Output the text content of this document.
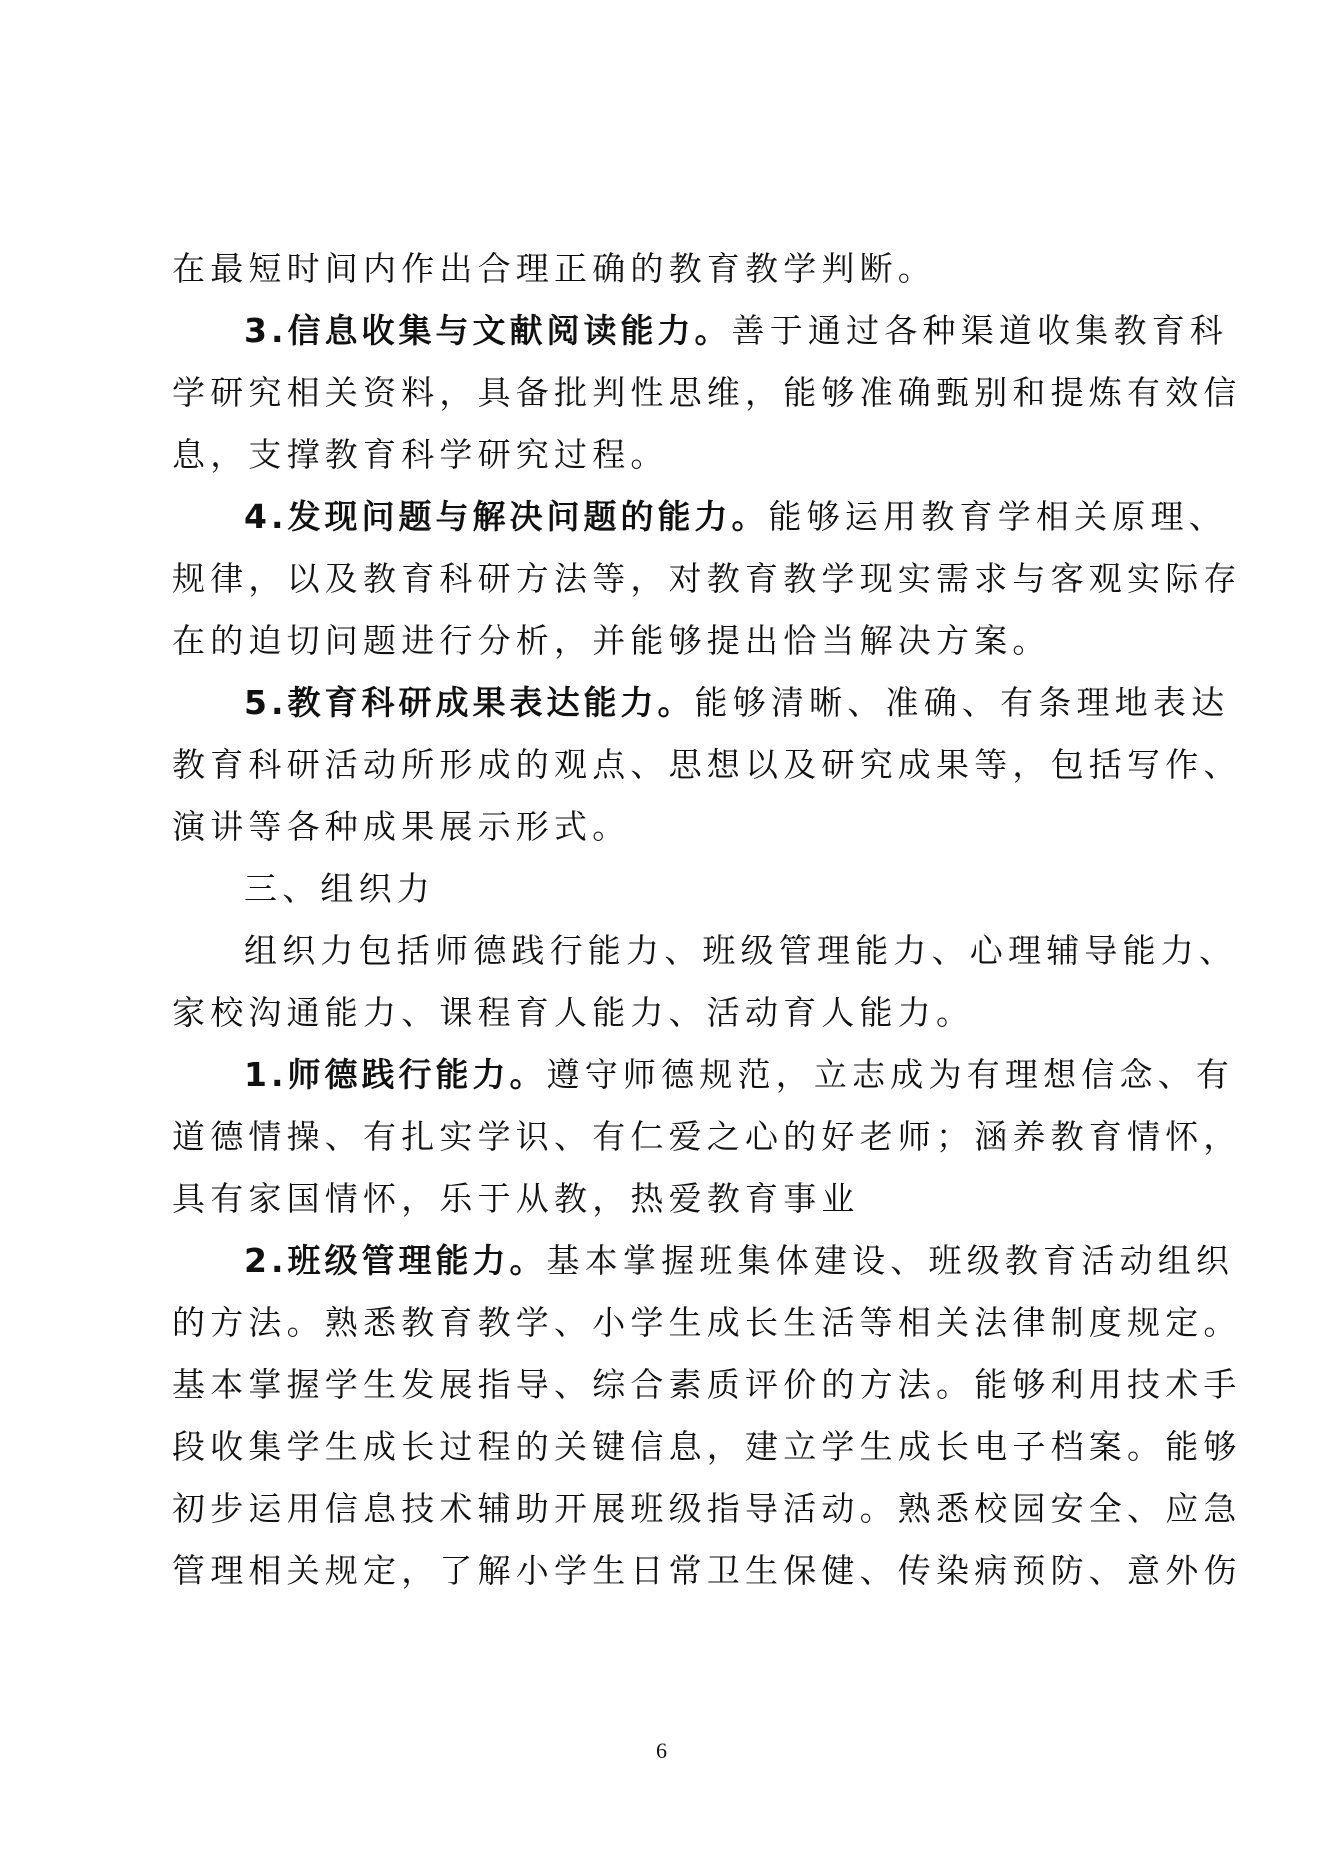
在最短时间内作出合理正确的教育教学判断。
3.信息收集与文献阅读能力。善于通过各种渠道收集教育科
学研究相关资料，具备批判性思维，能够准确甄别和提炼有效信
息，支撑教育科学研究过程。
4.发现问题与解决问题的能力。能够运用教育学相关原理、
规律，以及教育科研方法等，对教育教学现实需求与客观实际存
在的迫切问题进行分析，并能够提出恰当解决方案。
5.教育科研成果表达能力。能够清晰、准确、有条理地表达
教育科研活动所形成的观点、思想以及研究成果等，包括写作、
演讲等各种成果展示形式。
三、组织力
组织力包括师德践行能力、班级管理能力、心理辅导能力、
家校沟通能力、课程育人能力、活动育人能力。
1.师德践行能力。遵守师德规范，立志成为有理想信念、有
道德情操、有扎实学识、有仁爱之心的好老师；涵养教育情怀，
具有家国情怀，乐于从教，热爱教育事业
2.班级管理能力。基本掌握班集体建设、班级教育活动组织
的方法。熟悉教育教学、小学生成长生活等相关法律制度规定。
基本掌握学生发展指导、综合素质评价的方法。能够利用技术手
段收集学生成长过程的关键信息，建立学生成长电子档案。能够
初步运用信息技术辅助开展班级指导活动。熟悉校园安全、应急
管理相关规定，了解小学生日常卫生保健、传染病预防、意外伤
6
